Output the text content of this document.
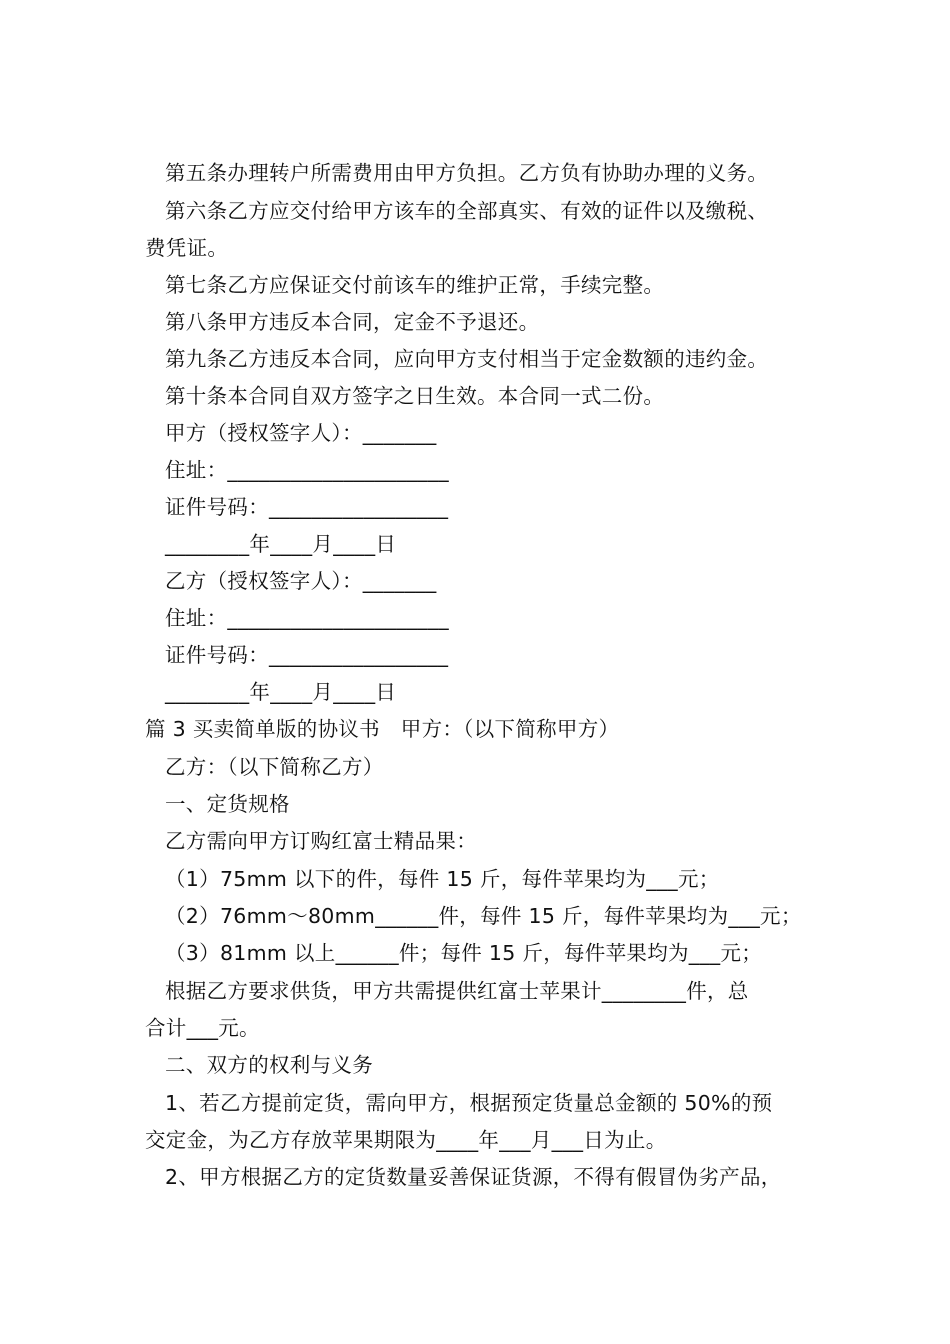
第五条办理转户所需费用由甲方负担。乙方负有协助办理的义务。
第六条乙方应交付给甲方该车的全部真实、有效的证件以及缴税、
费凭证。
第七条乙方应保证交付前该车的维护正常，手续完整。
第八条甲方违反本合同，定金不予退还。
第九条乙方违反本合同，应向甲方支付相当于定金数额的违约金。
第十条本合同自双方签字之日生效。本合同一式二份。
甲方（授权签字人）：_______
住址：_____________________
证件号码：_________________
________年____月____日
乙方（授权签字人）：_______
住址：_____________________
证件号码：_________________
________年____月____日
篇 3 买卖简单版的协议书　甲方：（以下简称甲方）
乙方：（以下简称乙方）
一、定货规格
乙方需向甲方订购红富士精品果：
（1）75mm 以下的件，每件 15 斤，每件苹果均为___元；
（2）76mm～80mm______件，每件 15 斤，每件苹果均为___元；
（3）81mm 以上______件；每件 15 斤，每件苹果均为___元；
根据乙方要求供货，甲方共需提供红富士苹果计________件，总
合计___元。
二、双方的权利与义务
1、若乙方提前定货，需向甲方，根据预定货量总金额的 50%的预
交定金，为乙方存放苹果期限为____年___月___日为止。
2、甲方根据乙方的定货数量妥善保证货源，不得有假冒伪劣产品，
